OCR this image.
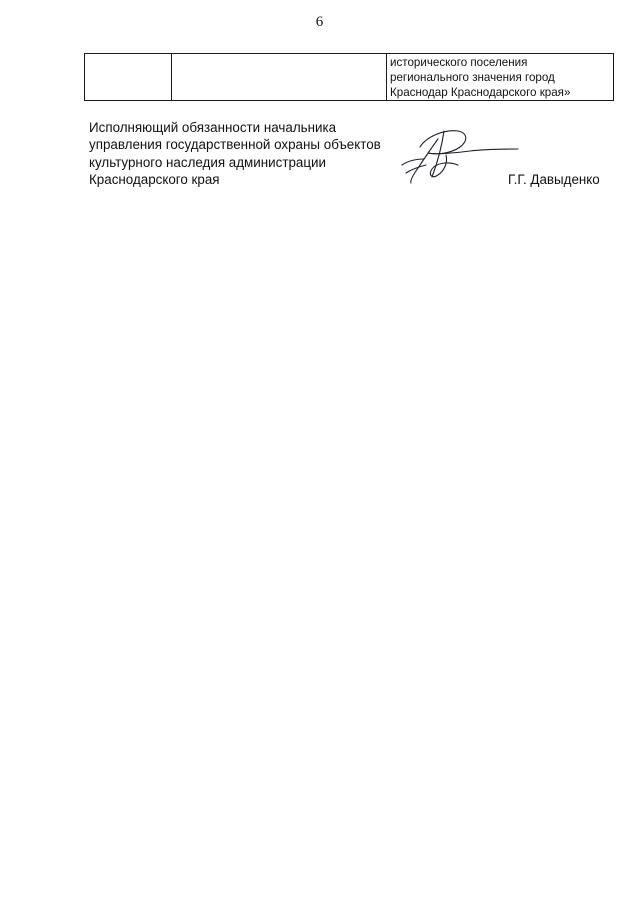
6

исторического поселения
регионального значения город
Краснодар Краснодарского края»
Исполняющий обязанности начальника
управления государственной охраны объектов
культурного наследия администрации
Краснодарского края	Г.Г. Давыденко
